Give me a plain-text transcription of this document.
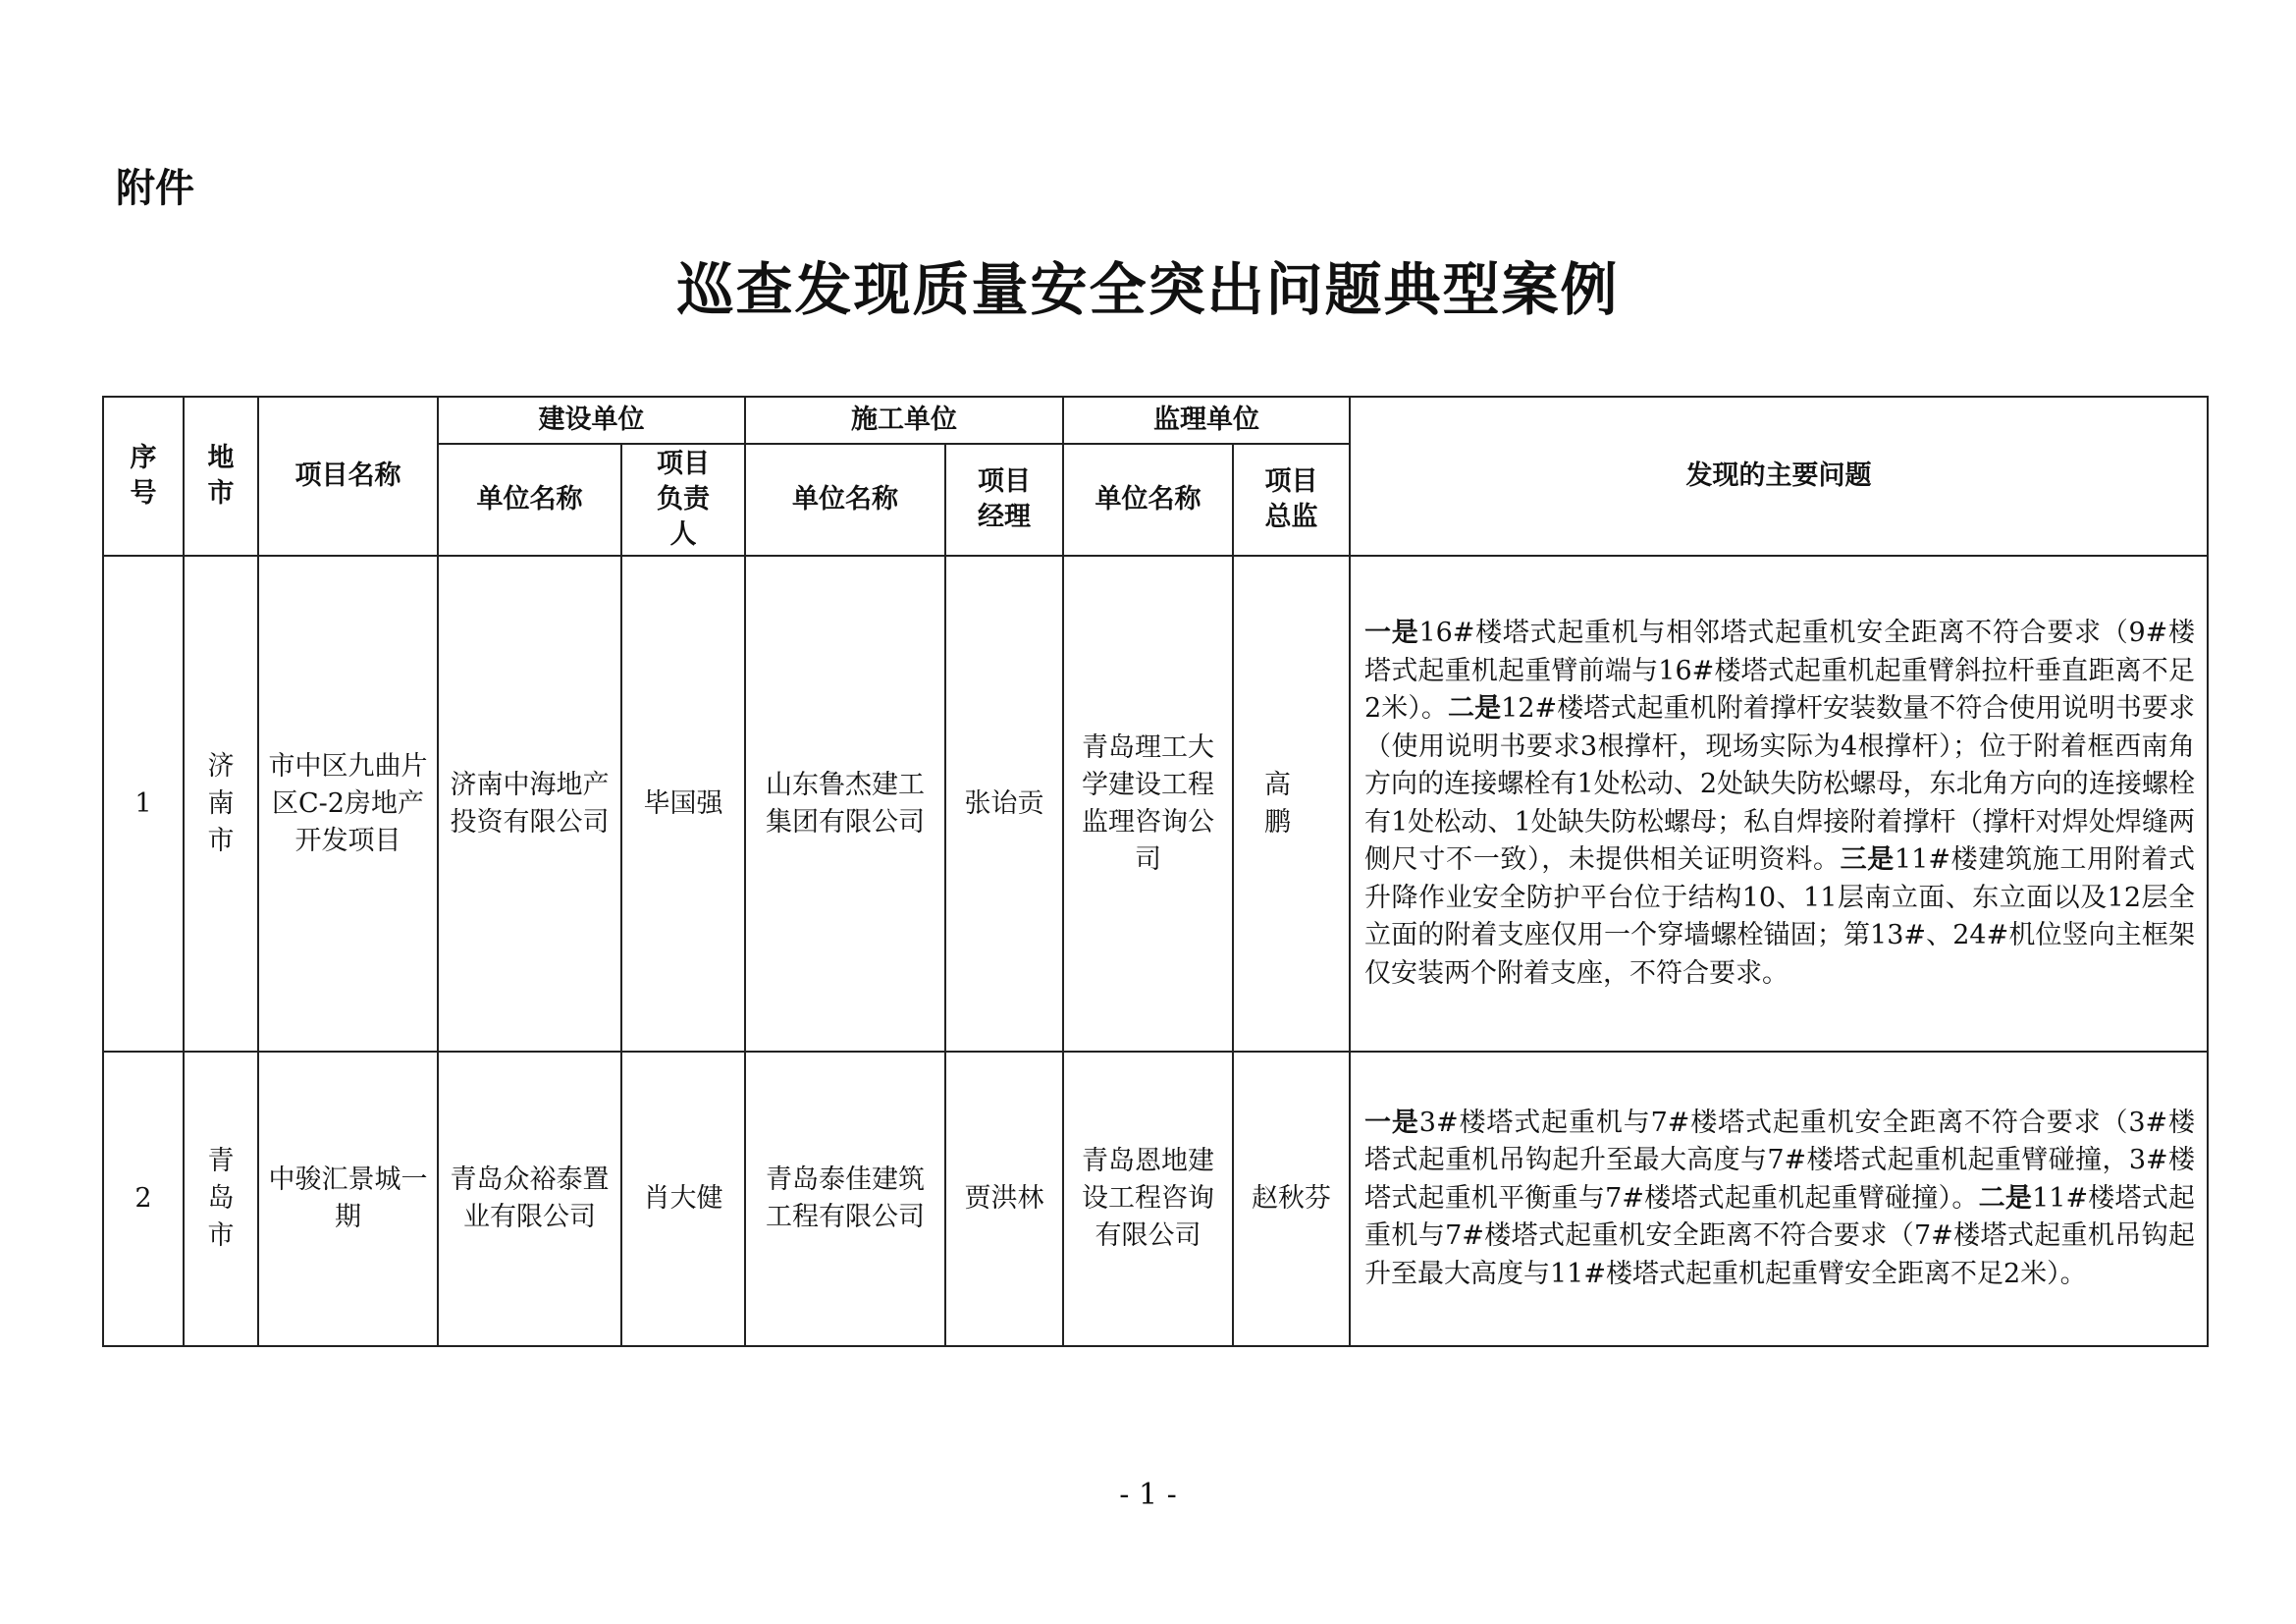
附件
巡查发现质量安全突出问题典型案例
序号	地市	项目名称	建设单位		施工单位		监理单位		发现的主要问题
			单位名称	项目负责人	单位名称	项目经理	单位名称	项目总监	
1	济南市	市中区九曲片区C-2房地产开发项目	济南中海地产投资有限公司	毕国强	山东鲁杰建工集团有限公司	张诒贡	青岛理工大学建设工程监理咨询公司	高鹏	一是16#楼塔式起重机与相邻塔式起重机安全距离不符合要求（9#楼塔式起重机起重臂前端与16#楼塔式起重机起重臂斜拉杆垂直距离不足2米）。二是12#楼塔式起重机附着撑杆安装数量不符合使用说明书要求（使用说明书要求3根撑杆，现场实际为4根撑杆）；位于附着框西南角方向的连接螺栓有1处松动、2处缺失防松螺母，东北角方向的连接螺栓有1处松动、1处缺失防松螺母；私自焊接附着撑杆（撑杆对焊处焊缝两侧尺寸不一致），未提供相关证明资料。三是11#楼建筑施工用附着式升降作业安全防护平台位于结构10、11层南立面、东立面以及12层全立面的附着支座仅用一个穿墙螺栓锚固；第13#、24#机位竖向主框架仅安装两个附着支座，不符合要求。
2	青岛市	中骏汇景城一期	青岛众裕泰置业有限公司	肖大健	青岛泰佳建筑工程有限公司	贾洪林	青岛恩地建设工程咨询有限公司	赵秋芬	一是3#楼塔式起重机与7#楼塔式起重机安全距离不符合要求（3#楼塔式起重机吊钩起升至最大高度与7#楼塔式起重机起重臂碰撞，3#楼塔式起重机平衡重与7#楼塔式起重机起重臂碰撞）。二是11#楼塔式起重机与7#楼塔式起重机安全距离不符合要求（7#楼塔式起重机吊钩起升至最大高度与11#楼塔式起重机起重臂安全距离不足2米）。
- 1 -
